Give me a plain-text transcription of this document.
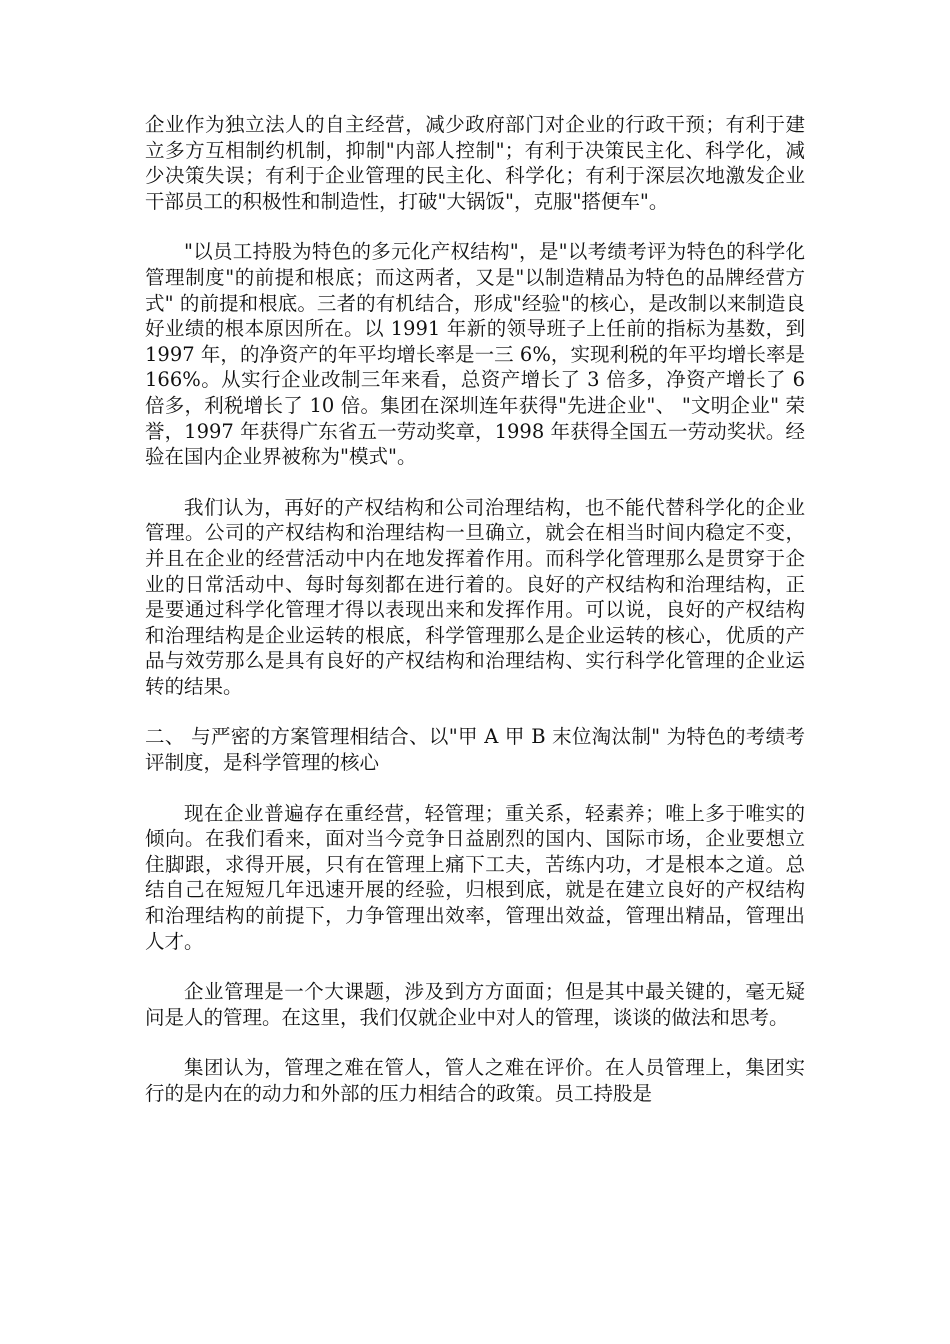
企业作为独立法人的自主经营，减少政府部门对企业的行政干预；有利于建立多方互相制约机制，抑制"内部人控制"；有利于决策民主化、科学化，减少决策失误；有利于企业管理的民主化、科学化；有利于深层次地激发企业干部员工的积极性和制造性，打破"大锅饭"，克服"搭便车"。

"以员工持股为特色的多元化产权结构"，是"以考绩考评为特色的科学化管理制度"的前提和根底；而这两者，又是"以制造精品为特色的品牌经营方式" 的前提和根底。三者的有机结合，形成"经验"的核心，是改制以来制造良好业绩的根本原因所在。以 1991 年新的领导班子上任前的指标为基数，到 1997 年，的净资产的年平均增长率是一三 6%，实现利税的年平均增长率是 166%。从实行企业改制三年来看，总资产增长了 3 倍多，净资产增长了 6 倍多，利税增长了 10 倍。集团在深圳连年获得"先进企业"、 "文明企业" 荣誉，1997 年获得广东省五一劳动奖章，1998 年获得全国五一劳动奖状。经验在国内企业界被称为"模式"。

我们认为，再好的产权结构和公司治理结构，也不能代替科学化的企业管理。公司的产权结构和治理结构一旦确立，就会在相当时间内稳定不变，并且在企业的经营活动中内在地发挥着作用。而科学化管理那么是贯穿于企业的日常活动中、每时每刻都在进行着的。良好的产权结构和治理结构，正是要通过科学化管理才得以表现出来和发挥作用。可以说，良好的产权结构和治理结构是企业运转的根底，科学管理那么是企业运转的核心，优质的产品与效劳那么是具有良好的产权结构和治理结构、实行科学化管理的企业运转的结果。

二、 与严密的方案管理相结合、以"甲 A 甲 B 末位淘汰制" 为特色的考绩考评制度，是科学管理的核心

现在企业普遍存在重经营，轻管理；重关系，轻素养；唯上多于唯实的倾向。在我们看来，面对当今竞争日益剧烈的国内、国际市场，企业要想立住脚跟，求得开展，只有在管理上痛下工夫，苦练内功，才是根本之道。总结自己在短短几年迅速开展的经验，归根到底，就是在建立良好的产权结构和治理结构的前提下，力争管理出效率，管理出效益，管理出精品，管理出人才。

企业管理是一个大课题，涉及到方方面面；但是其中最关键的，毫无疑问是人的管理。在这里，我们仅就企业中对人的管理，谈谈的做法和思考。

集团认为，管理之难在管人，管人之难在评价。在人员管理上，集团实行的是内在的动力和外部的压力相结合的政策。员工持股是
